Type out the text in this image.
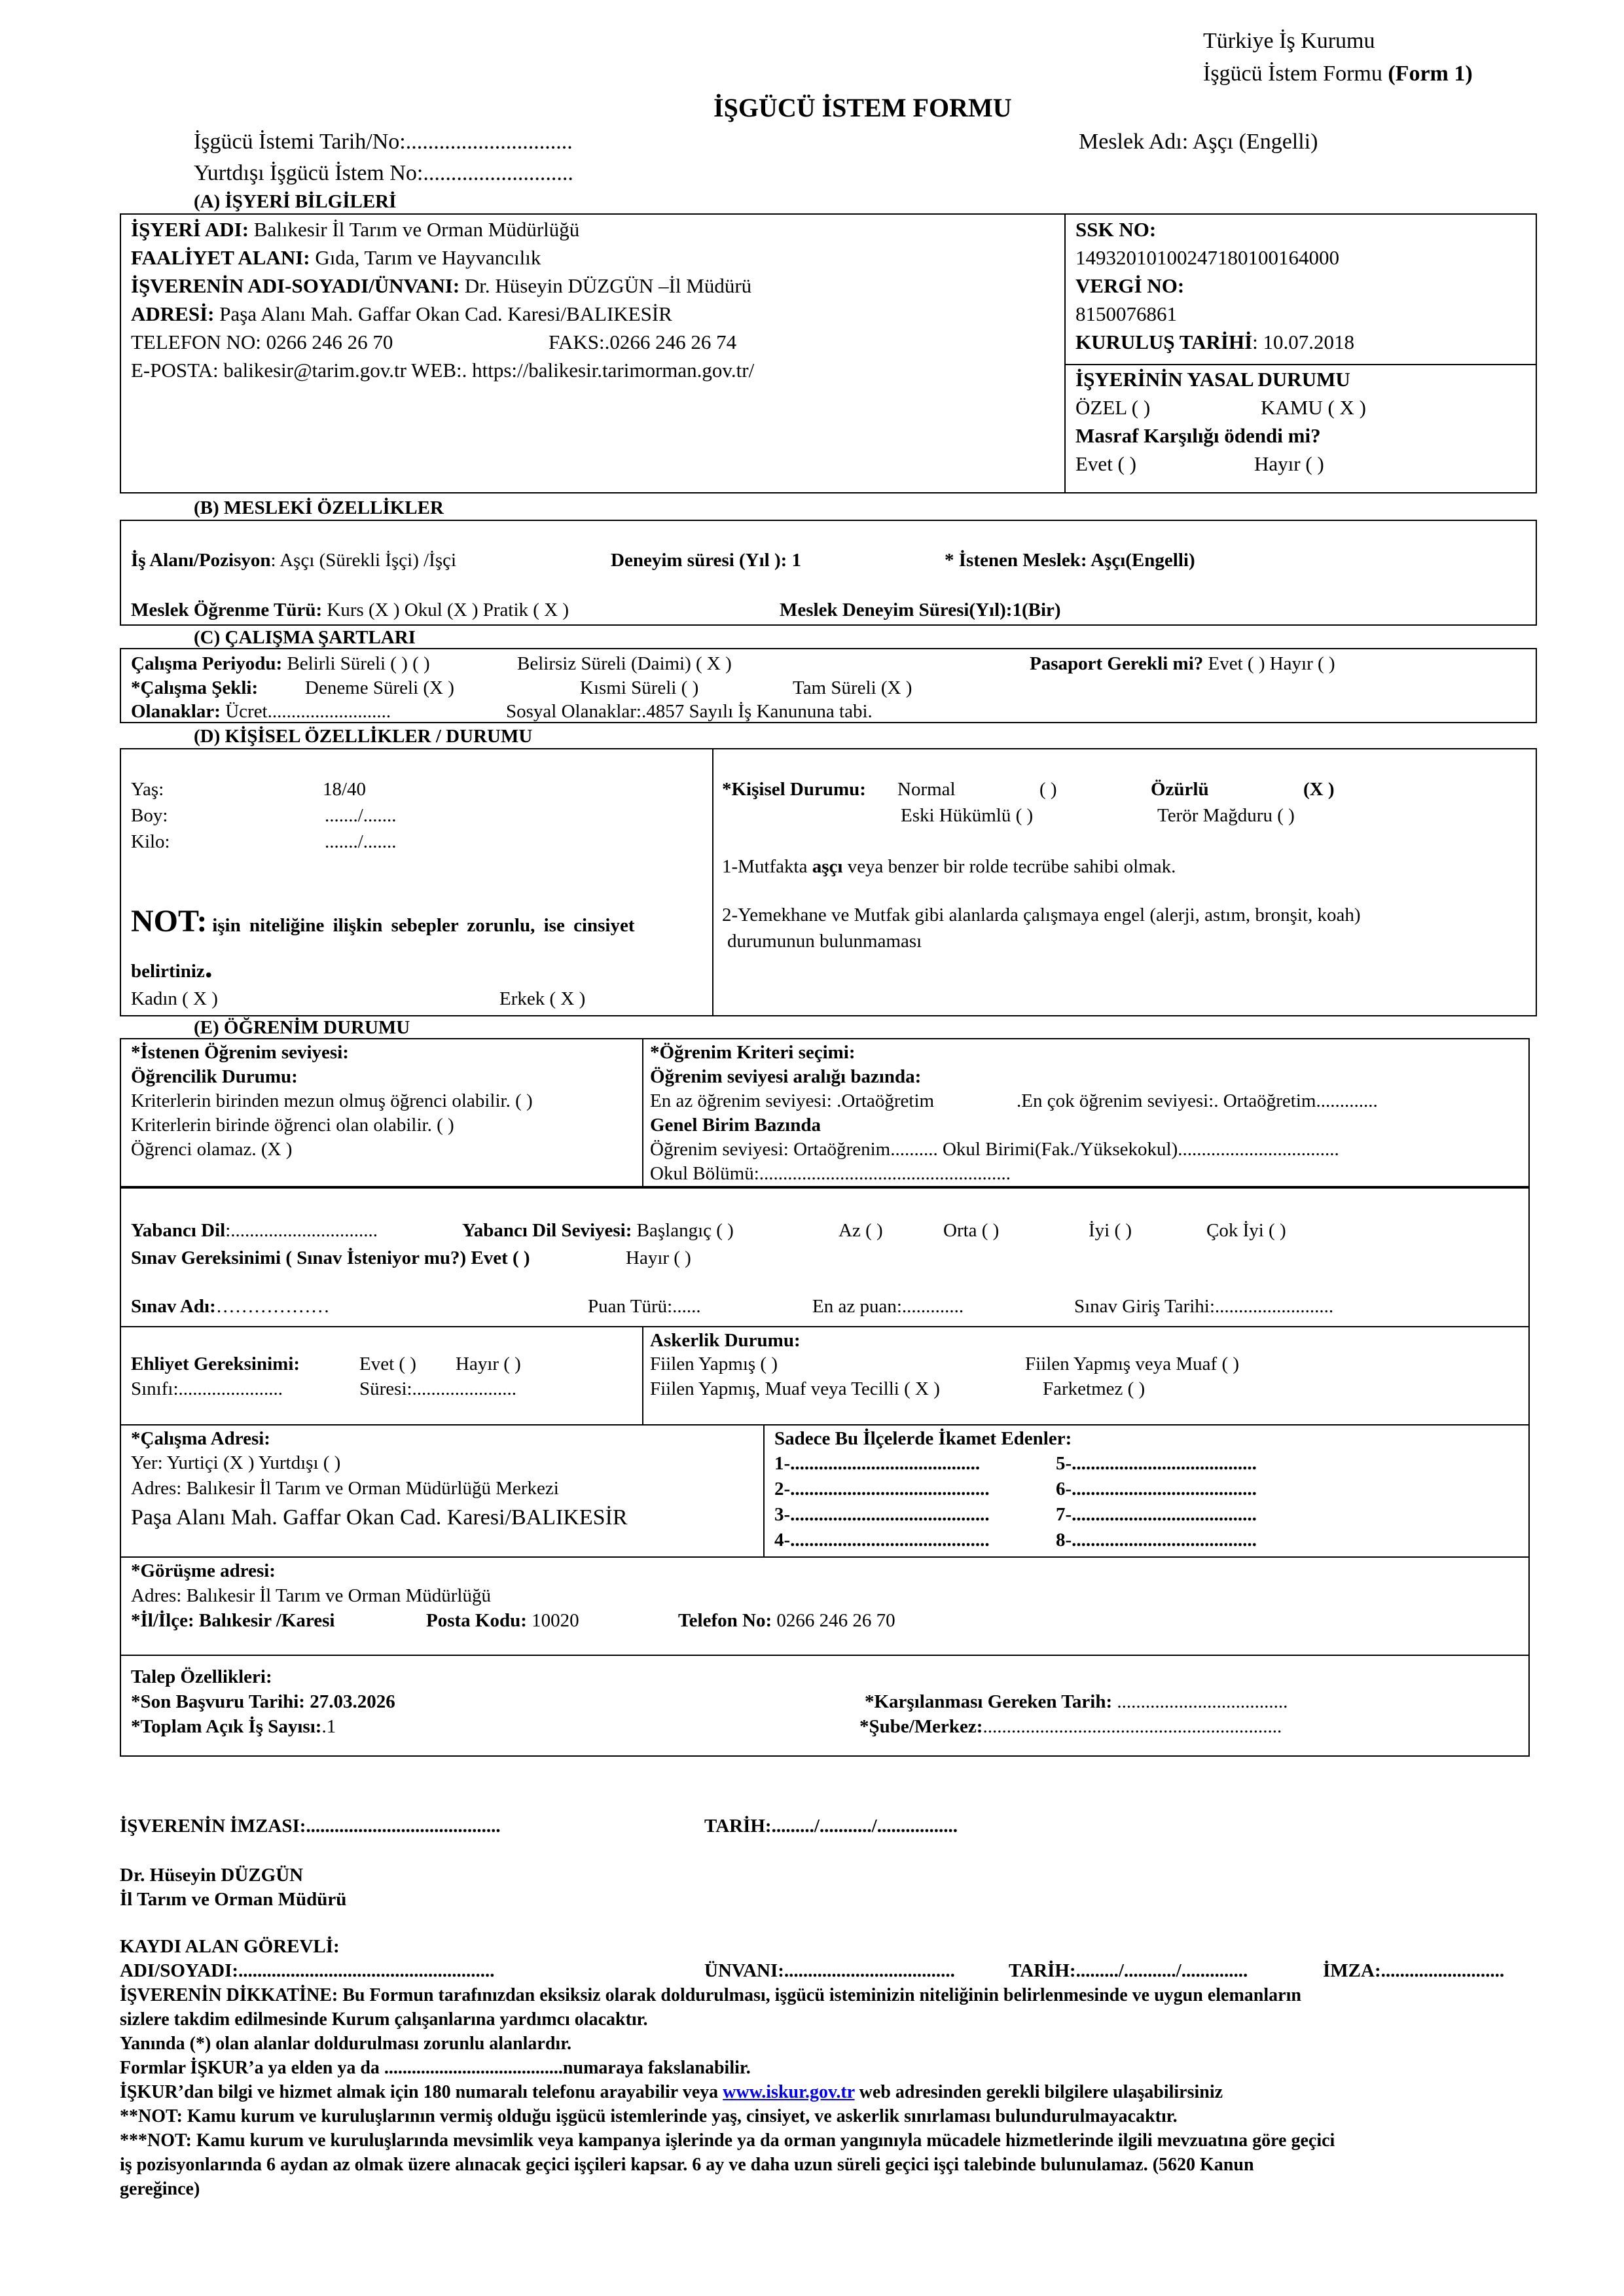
Türkiye İş Kurumu
İşgücü İstem Formu (Form 1)
İŞGÜCÜ İSTEM FORMU
İşgücü İstemi Tarih/No:..............................	Meslek Adı: Aşçı (Engelli)
Yurtdışı İşgücü İstem No:...........................
(A) İŞYERİ BİLGİLERİ
İŞYERİ ADI: Balıkesir İl Tarım ve Orman Müdürlüğü
FAALİYET ALANI: Gıda, Tarım ve Hayvancılık
İŞVERENİN ADI-SOYADI/ÜNVANI: Dr. Hüseyin DÜZGÜN –İl Müdürü
ADRESİ: Paşa Alanı Mah. Gaffar Okan Cad. Karesi/BALIKESİR
TELEFON NO: 0266 246 26 70	FAKS:.0266 246 26 74
E-POSTA: balikesir@tarim.gov.tr WEB:. https://balikesir.tarimorman.gov.tr/
SSK NO:
149320101002471801001640​00
VERGİ NO:
8150076861
KURULUŞ TARİHİ: 10.07.2018
İŞYERİNİN YASAL DURUMU
ÖZEL ( )	KAMU ( X )
Masraf Karşılığı ödendi mi?
Evet ( )	Hayır ( )
(B) MESLEKİ ÖZELLİKLER
İş Alanı/Pozisyon: Aşçı (Sürekli İşçi) /İşçi	Deneyim süresi (Yıl ): 1	* İstenen Meslek: Aşçı(Engelli)
Meslek Öğrenme Türü: Kurs (X ) Okul (X ) Pratik ( X )	Meslek Deneyim Süresi(Yıl):1(Bir)
(C) ÇALIŞMA ŞARTLARI
Çalışma Periyodu: Belirli Süreli ( ) ( )	Belirsiz Süreli (Daimi) ( X )	Pasaport Gerekli mi? Evet ( ) Hayır ( )
*Çalışma Şekli: Deneme Süreli (X )	Kısmi Süreli ( )	Tam Süreli (X )
Olanaklar: Ücret..........................	Sosyal Olanaklar:.4857 Sayılı İş Kanununa tabi.
(D) KİŞİSEL ÖZELLİKLER / DURUMU
Yaş:	18/40
Boy:	......./.......
Kilo:	......./.......
NOT: işin niteliğine ilişkin sebepler zorunlu, ise cinsiyet
belirtiniz.
Kadın ( X )	Erkek ( X )
*Kişisel Durumu: Normal	( )	Özürlü	(X )
Eski Hükümlü ( )	Terör Mağduru ( )
1-Mutfakta aşçı veya benzer bir rolde tecrübe sahibi olmak.
2-Yemekhane ve Mutfak gibi alanlarda çalışmaya engel (alerji, astım, bronşit, koah)
durumunun bulunmaması
(E) ÖĞRENİM DURUMU
*İstenen Öğrenim seviyesi:
Öğrencilik Durumu:
Kriterlerin birinden mezun olmuş öğrenci olabilir. ( )
Kriterlerin birinde öğrenci olan olabilir. ( )
Öğrenci olamaz. (X )
*Öğrenim Kriteri seçimi:
Öğrenim seviyesi aralığı bazında:
En az öğrenim seviyesi: .Ortaöğretim	.En çok öğrenim seviyesi:. Ortaöğretim.............
Genel Birim Bazında
Öğrenim seviyesi: Ortaöğrenim.......... Okul Birimi(Fak./Yüksekokul)..................................
Okul Bölümü:.....................................................
Yabancı Dil:...............................	Yabancı Dil Seviyesi: Başlangıç ( )	Az ( )	Orta ( )	İyi ( )	Çok İyi ( )
Sınav Gereksinimi ( Sınav İsteniyor mu?) Evet ( )	Hayır ( )
Sınav Adı:………………	Puan Türü:......	En az puan:.............	Sınav Giriş Tarihi:.........................
Ehliyet Gereksinimi:	Evet ( ) Hayır ( )
Sınıfı:......................	Süresi:......................
Askerlik Durumu:
Fiilen Yapmış ( )	Fiilen Yapmış veya Muaf ( )
Fiilen Yapmış, Muaf veya Tecilli ( X )	Farketmez ( )
*Çalışma Adresi:
Yer: Yurtiçi (X ) Yurtdışı ( )
Adres: Balıkesir İl Tarım ve Orman Müdürlüğü Merkezi
Paşa Alanı Mah. Gaffar Okan Cad. Karesi/BALIKESİR
Sadece Bu İlçelerde İkamet Edenler:
1-........................................
2-..........................................
3-..........................................
4-..........................................
5-.......................................
6-.......................................
7-.......................................
8-.......................................
*Görüşme adresi:
Adres: Balıkesir İl Tarım ve Orman Müdürlüğü
*İl/İlçe: Balıkesir /Karesi	Posta Kodu: 10020	Telefon No: 0266 246 26 70
Talep Özellikleri:
*Son Başvuru Tarihi: 27.03.2026	*Karşılanması Gereken Tarih: ....................................
*Toplam Açık İş Sayısı:.1	*Şube/Merkez:...............................................................
İŞVERENİN İMZASI:.........................................	TARİH:........./.........../.................
Dr. Hüseyin DÜZGÜN
İl Tarım ve Orman Müdürü
KAYDI ALAN GÖREVLİ:
ADI/SOYADI:......................................................	ÜNVANI:....................................	TARİH:........./.........../..............	İMZA:..........................
İŞVERENİN DİKKATİNE: Bu Formun tarafınızdan eksiksiz olarak doldurulması, işgücü isteminizin niteliğinin belirlenmesinde ve uygun elemanların
sizlere takdim edilmesinde Kurum çalışanlarına yardımcı olacaktır.
Yanında (*) olan alanlar doldurulması zorunlu alanlardır.
Formlar İŞKUR’a ya elden ya da .......................................numaraya fakslanabilir.
İŞKUR’dan bilgi ve hizmet almak için 180 numaralı telefonu arayabilir veya www.iskur.gov.tr web adresinden gerekli bilgilere ulaşabilirsiniz
**NOT: Kamu kurum ve kuruluşlarının vermiş olduğu işgücü istemlerinde yaş, cinsiyet, ve askerlik sınırlaması bulundurulmayacaktır.
***NOT: Kamu kurum ve kuruluşlarında mevsimlik veya kampanya işlerinde ya da orman yangınıyla mücadele hizmetlerinde ilgili mevzuatına göre geçici
iş pozisyonlarında 6 aydan az olmak üzere alınacak geçici işçileri kapsar. 6 ay ve daha uzun süreli geçici işçi talebinde bulunulamaz. (5620 Kanun
gereğince)
